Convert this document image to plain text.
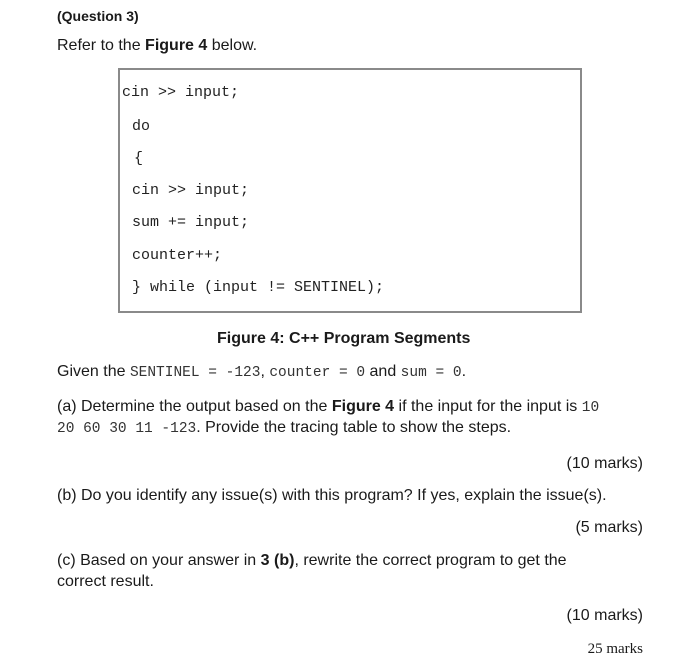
(Question 3)
Refer to the Figure 4 below.
cin >> input;
do
{
cin >> input;
sum += input;
counter++;
} while (input != SENTINEL);
Figure 4: C++ Program Segments
Given the SENTINEL = -123, counter = 0 and sum = 0.
(a) Determine the output based on the Figure 4 if the input for the input is 10
20 60 30 11 -123. Provide the tracing table to show the steps.
(10 marks)
(b) Do you identify any issue(s) with this program? If yes, explain the issue(s).
(5 marks)
(c) Based on your answer in 3 (b), rewrite the correct program to get the
correct result.
(10 marks)
25 marks
